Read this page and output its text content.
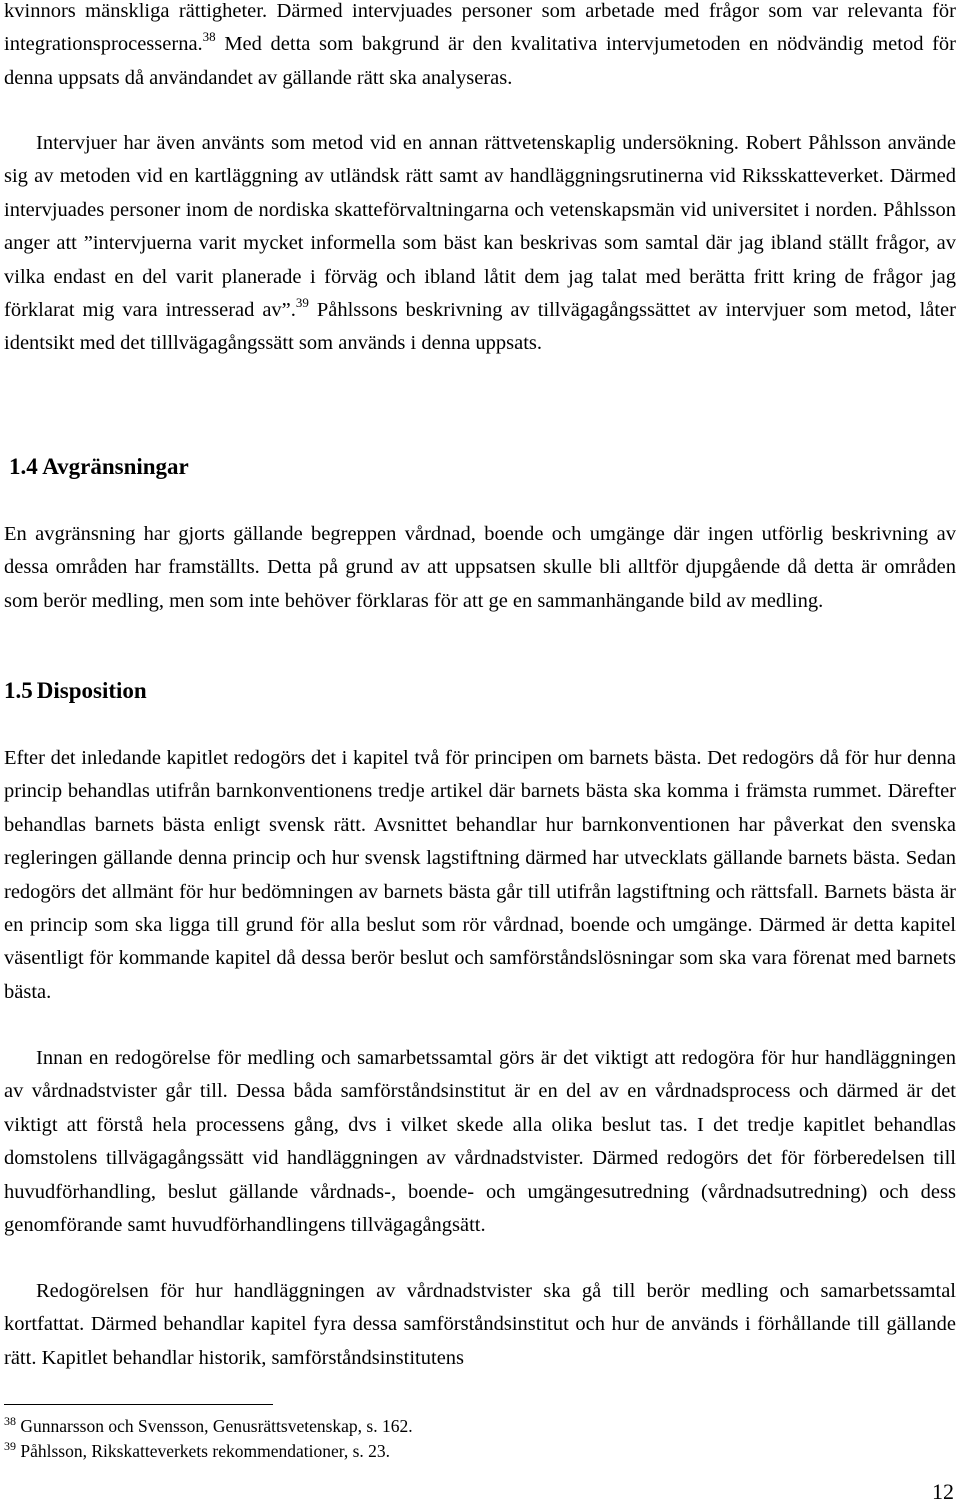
kvinnors mänskliga rättigheter. Därmed intervjuades personer som arbetade med frågor som var relevanta för integrationsprocesserna.$^{38}$ Med detta som bakgrund är den kvalitativa intervjumetoden en nödvändig metod för denna uppsats då användandet av gällande rätt ska analyseras.

Intervjuer har även använts som metod vid en annan rättvetenskaplig undersökning. Robert Påhlsson använde sig av metoden vid en kartläggning av utländsk rätt samt av handläggningsrutinerna vid Riksskatteverket. Därmed intervjuades personer inom de nordiska skatteförvaltningarna och vetenskapsmän vid universitet i norden. Påhlsson anger att ”intervjuerna varit mycket informella som bäst kan beskrivas som samtal där jag ibland ställt frågor, av vilka endast en del varit planerade i förväg och ibland låtit dem jag talat med berätta fritt kring de frågor jag förklarat mig vara intresserad av”.$^{39}$ Påhlssons beskrivning av tillvägagångssättet av intervjuer som metod, låter identsikt med det tilllvägagångssätt som används i denna uppsats.

1.4 Avgränsningar

En avgränsning har gjorts gällande begreppen vårdnad, boende och umgänge där ingen utförlig beskrivning av dessa områden har framställts. Detta på grund av att uppsatsen skulle bli alltför djupgående då detta är områden som berör medling, men som inte behöver förklaras för att ge en sammanhängande bild av medling.

1.5 Disposition

Efter det inledande kapitlet redogörs det i kapitel två för principen om barnets bästa. Det redogörs då för hur denna princip behandlas utifrån barnkonventionens tredje artikel där barnets bästa ska komma i främsta rummet. Därefter behandlas barnets bästa enligt svensk rätt. Avsnittet behandlar hur barnkonventionen har påverkat den svenska regleringen gällande denna princip och hur svensk lagstiftning därmed har utvecklats gällande barnets bästa. Sedan redogörs det allmänt för hur bedömningen av barnets bästa går till utifrån lagstiftning och rättsfall. Barnets bästa är en princip som ska ligga till grund för alla beslut som rör vårdnad, boende och umgänge. Därmed är detta kapitel väsentligt för kommande kapitel då dessa berör beslut och samförståndslösningar som ska vara förenat med barnets bästa.

Innan en redogörelse för medling och samarbetssamtal görs är det viktigt att redogöra för hur handläggningen av vårdnadstvister går till. Dessa båda samförståndsinstitut är en del av en vårdnadsprocess och därmed är det viktigt att förstå hela processens gång, dvs i vilket skede alla olika beslut tas. I det tredje kapitlet behandlas domstolens tillvägagångssätt vid handläggningen av vårdnadstvister. Därmed redogörs det för förberedelsen till huvudförhandling, beslut gällande vårdnads-, boende- och umgängesutredning (vårdnadsutredning) och dess genomförande samt huvudförhandlingens tillvägagångsätt.

Redogörelsen för hur handläggningen av vårdnadstvister ska gå till berör medling och samarbetssamtal kortfattat. Därmed behandlar kapitel fyra dessa samförståndsinstitut och hur de används i förhållande till gällande rätt. Kapitlet behandlar historik, samförståndsinstitutens

$^{38}$ Gunnarsson och Svensson, Genusrättsvetenskap, s. 162.

$^{39}$ Påhlsson, Rikskatteverkets rekommendationer, s. 23.

12
